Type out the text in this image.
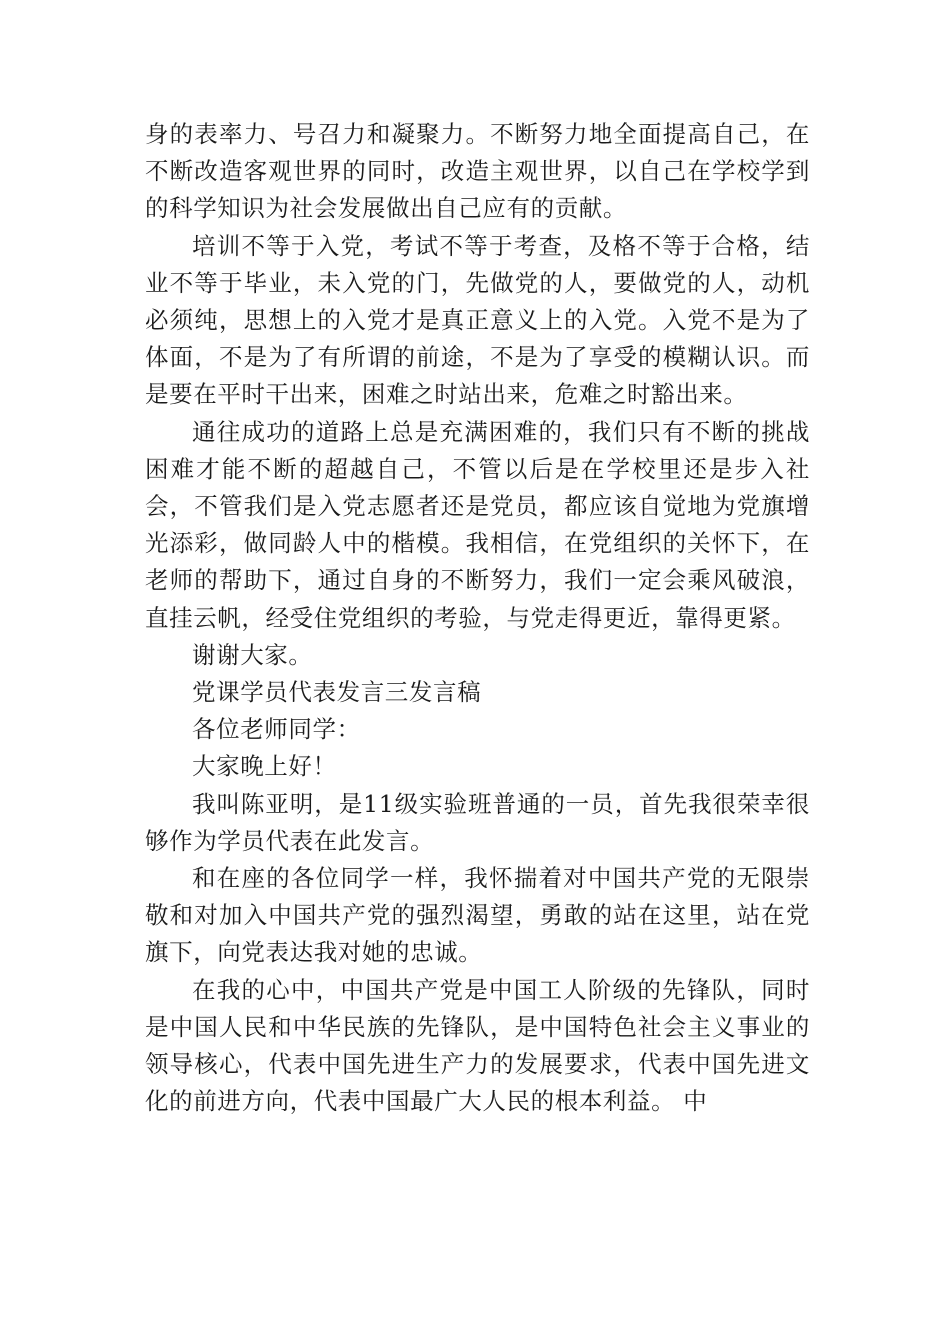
身的表率力、号召力和凝聚力。不断努力地全面提高自己，在不断改造客观世界的同时，改造主观世界，以自己在学校学到的科学知识为社会发展做出自己应有的贡献。

培训不等于入党，考试不等于考查，及格不等于合格，结业不等于毕业，未入党的门，先做党的人，要做党的人，动机必须纯，思想上的入党才是真正意义上的入党。入党不是为了体面，不是为了有所谓的前途，不是为了享受的模糊认识。而是要在平时干出来，困难之时站出来，危难之时豁出来。

通往成功的道路上总是充满困难的，我们只有不断的挑战困难才能不断的超越自己，不管以后是在学校里还是步入社会，不管我们是入党志愿者还是党员，都应该自觉地为党旗增光添彩，做同龄人中的楷模。我相信，在党组织的关怀下，在老师的帮助下，通过自身的不断努力，我们一定会乘风破浪，直挂云帆，经受住党组织的考验，与党走得更近，靠得更紧。

谢谢大家。

党课学员代表发言三发言稿

各位老师同学：

大家晚上好！

我叫陈亚明，是11级实验班普通的一员，首先我很荣幸很够作为学员代表在此发言。

和在座的各位同学一样，我怀揣着对中国共产党的无限崇敬和对加入中国共产党的强烈渴望，勇敢的站在这里，站在党旗下，向党表达我对她的忠诚。

在我的心中，中国共产党是中国工人阶级的先锋队，同时是中国人民和中华民族的先锋队，是中国特色社会主义事业的领导核心，代表中国先进生产力的发展要求，代表中国先进文化的前进方向，代表中国最广大人民的根本利益。 中
